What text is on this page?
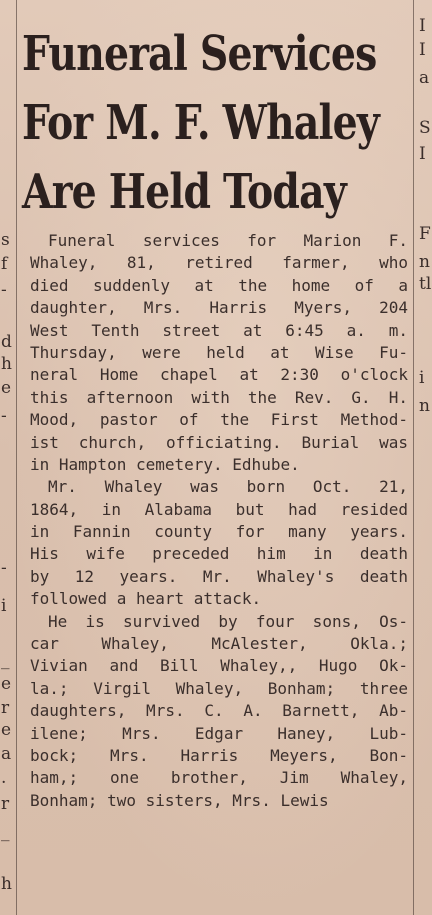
s
f
-
d
h
e
-
-
i
_
e
r
e
a
.
r
_
h
I
I
a
S
I
F
n
tl
i
n
Funeral Services
For M. F. Whaley
Are Held Today
Funeral services for Marion F.
Whaley, 81, retired farmer, who
died suddenly at the home of a
daughter, Mrs. Harris Myers, 204
West Tenth street at 6:45 a. m.
Thursday, were held at Wise Fu-
neral Home chapel at 2:30 o'clock
this afternoon with the Rev. G. H.
Mood, pastor of the First Method-
ist church, officiating. Burial was
in Hampton cemetery. Edhube.
Mr. Whaley was born Oct. 21,
1864, in Alabama but had resided
in Fannin county for many years.
His wife preceded him in death
by 12 years. Mr. Whaley's death
followed a heart attack.
He is survived by four sons, Os-
car Whaley, McAlester, Okla.;
Vivian and Bill Whaley,, Hugo Ok-
la.; Virgil Whaley, Bonham; three
daughters, Mrs. C. A. Barnett, Ab-
ilene; Mrs. Edgar Haney, Lub-
bock; Mrs. Harris Meyers, Bon-
ham,; one brother, Jim Whaley,
Bonham; two sisters, Mrs. Lewis
